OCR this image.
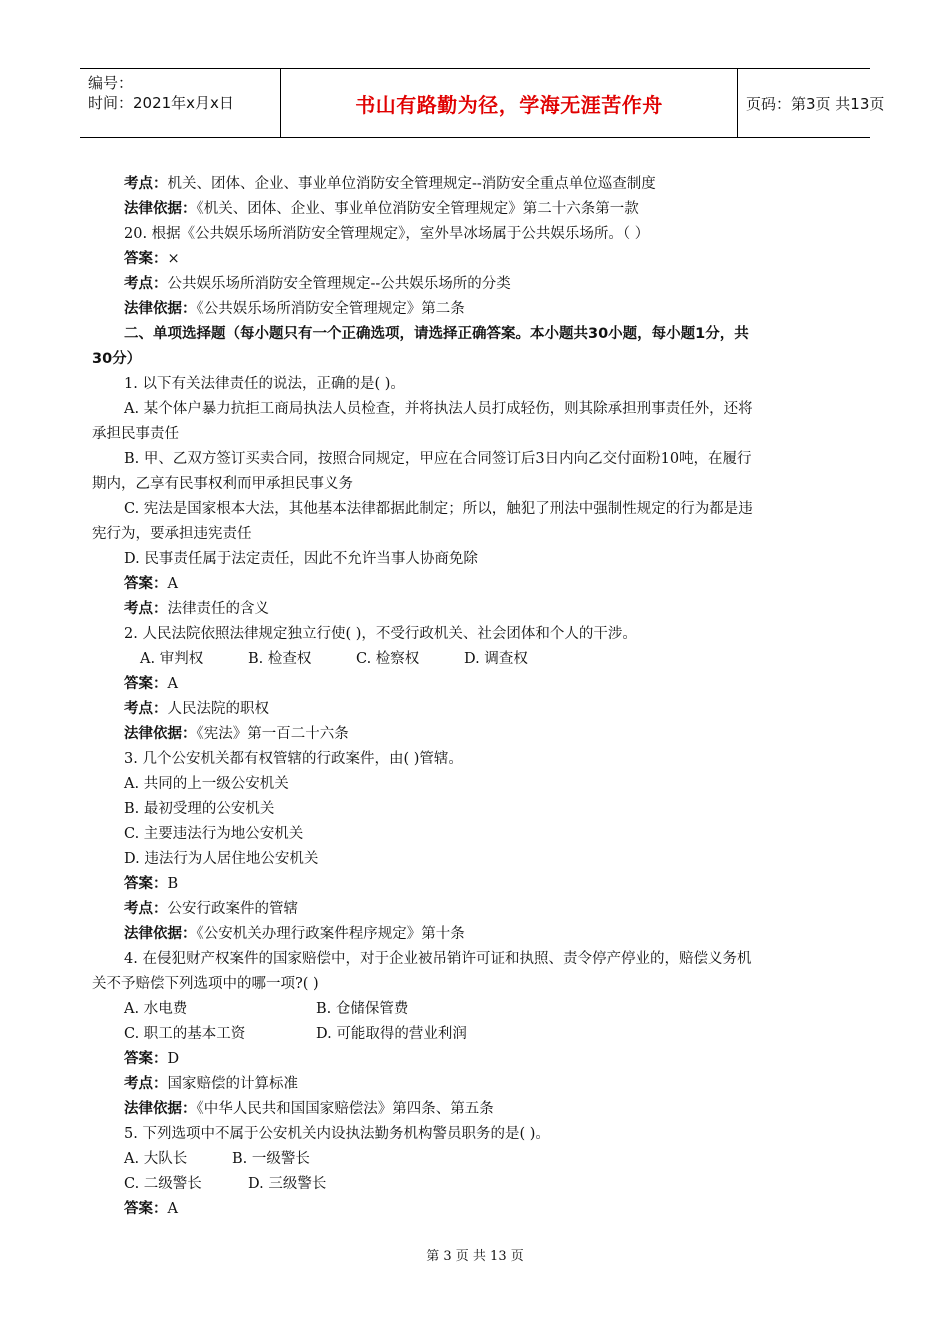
编号：
时间：2021年x月x日	书山有路勤为径，学海无涯苦作舟	页码：第3页 共13页
考点：机关、团体、企业、事业单位消防安全管理规定--消防安全重点单位巡查制度
法律依据：《机关、团体、企业、事业单位消防安全管理规定》第二十六条第一款
20. 根据《公共娱乐场所消防安全管理规定》，室外旱冰场属于公共娱乐场所。（ ）
答案：×
考点：公共娱乐场所消防安全管理规定--公共娱乐场所的分类
法律依据：《公共娱乐场所消防安全管理规定》第二条
二、单项选择题（每小题只有一个正确选项，请选择正确答案。本小题共30小题，每小题1分，共
30分）
1. 以下有关法律责任的说法，正确的是( )。
A. 某个体户暴力抗拒工商局执法人员检查，并将执法人员打成轻伤，则其除承担刑事责任外，还将
承担民事责任
B. 甲、乙双方签订买卖合同，按照合同规定，甲应在合同签订后3日内向乙交付面粉10吨，在履行
期内，乙享有民事权利而甲承担民事义务
C. 宪法是国家根本大法，其他基本法律都据此制定；所以，触犯了刑法中强制性规定的行为都是违
宪行为，要承担违宪责任
D. 民事责任属于法定责任，因此不允许当事人协商免除
答案：A
考点：法律责任的含义
2. 人民法院依照法律规定独立行使( )，不受行政机关、社会团体和个人的干涉。
A. 审判权	B. 检查权	C. 检察权	D. 调查权
答案：A
考点：人民法院的职权
法律依据：《宪法》第一百二十六条
3. 几个公安机关都有权管辖的行政案件，由( )管辖。
A. 共同的上一级公安机关
B. 最初受理的公安机关
C. 主要违法行为地公安机关
D. 违法行为人居住地公安机关
答案：B
考点：公安行政案件的管辖
法律依据：《公安机关办理行政案件程序规定》第十条
4. 在侵犯财产权案件的国家赔偿中，对于企业被吊销许可证和执照、责令停产停业的，赔偿义务机
关不予赔偿下列选项中的哪一项?( )
A. 水电费	B. 仓储保管费
C. 职工的基本工资	D. 可能取得的营业利润
答案：D
考点：国家赔偿的计算标准
法律依据：《中华人民共和国国家赔偿法》第四条、第五条
5. 下列选项中不属于公安机关内设执法勤务机构警员职务的是( )。
A. 大队长	B. 一级警长
C. 二级警长	D. 三级警长
答案：A
第 3 页 共 13 页
